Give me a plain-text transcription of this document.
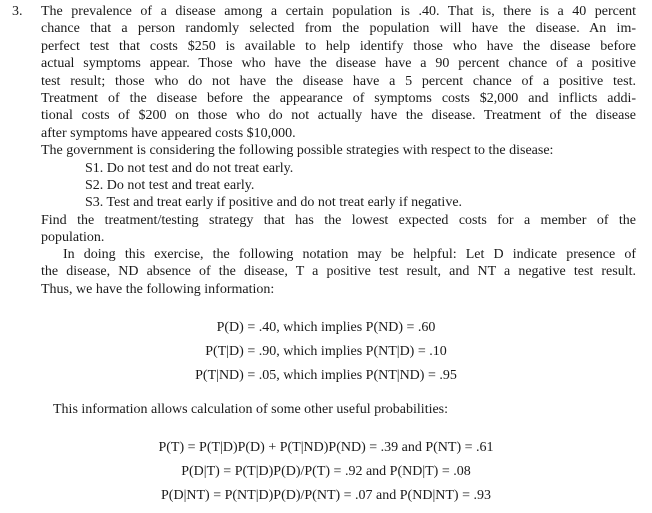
3. The prevalence of a disease among a certain population is .40. That is, there is a 40 percent
chance that a person randomly selected from the population will have the disease. An im-
perfect test that costs $250 is available to help identify those who have the disease before
actual symptoms appear. Those who have the disease have a 90 percent chance of a positive
test result; those who do not have the disease have a 5 percent chance of a positive test.
Treatment of the disease before the appearance of symptoms costs $2,000 and inflicts addi-
tional costs of $200 on those who do not actually have the disease. Treatment of the disease
after symptoms have appeared costs $10,000.
The government is considering the following possible strategies with respect to the disease:
S1. Do not test and do not treat early.
S2. Do not test and treat early.
S3. Test and treat early if positive and do not treat early if negative.
Find the treatment/testing strategy that has the lowest expected costs for a member of the
population.
In doing this exercise, the following notation may be helpful: Let D indicate presence of
the disease, ND absence of the disease, T a positive test result, and NT a negative test result.
Thus, we have the following information:
P(D) = .40, which implies P(ND) = .60
P(T|D) = .90, which implies P(NT|D) = .10
P(T|ND) = .05, which implies P(NT|ND) = .95
This information allows calculation of some other useful probabilities:
P(T) = P(T|D)P(D) + P(T|ND)P(ND) = .39 and P(NT) = .61
P(D|T) = P(T|D)P(D)/P(T) = .92 and P(ND|T) = .08
P(D|NT) = P(NT|D)P(D)/P(NT) = .07 and P(ND|NT) = .93
